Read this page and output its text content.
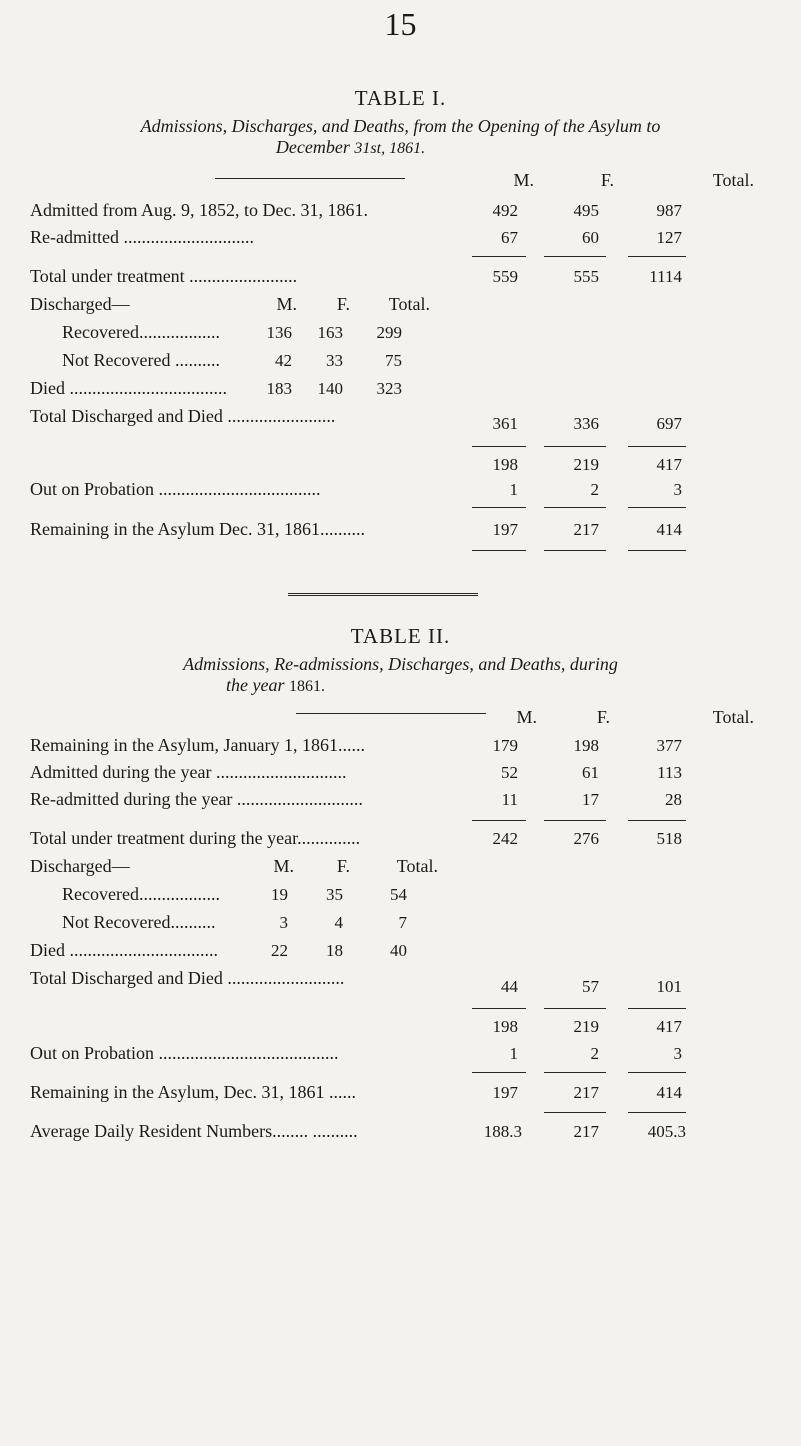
15
TABLE I.
Admissions, Discharges, and Deaths, from the Opening of the Asylum to
December 31st, 1861.
M.	F.	Total.
Admitted from Aug. 9, 1852, to Dec. 31, 1861.	492	495	987
Re-admitted .............................	67	60	127
Total under treatment ........................	559	555	1114
Discharged—	M.	F.	Total.
Recovered..................	136	163	299
Not Recovered ..........	42	33	75
Died ...................................	183	140	323
Total Discharged and Died ........................	361	336	697
198	219	417
Out on Probation ....................................	1	2	3
Remaining in the Asylum Dec. 31, 1861..........	197	217	414
TABLE II.
Admissions, Re-admissions, Discharges, and Deaths, during
the year 1861.
M.	F.	Total.
Remaining in the Asylum, January 1, 1861......	179	198	377
Admitted during the year .............................	52	61	113
Re-admitted during the year ............................	11	17	28
Total under treatment during the year..............	242	276	518
Discharged—	M.	F.	Total.
Recovered..................	19	35	54
Not Recovered..........	3	4	7
Died .................................	22	18	40
Total Discharged and Died ..........................	44	57	101
198	219	417
Out on Probation ........................................	1	2	3
Remaining in the Asylum, Dec. 31, 1861 ......	197	217	414
Average Daily Resident Numbers........ ..........	188.3	217	405.3
